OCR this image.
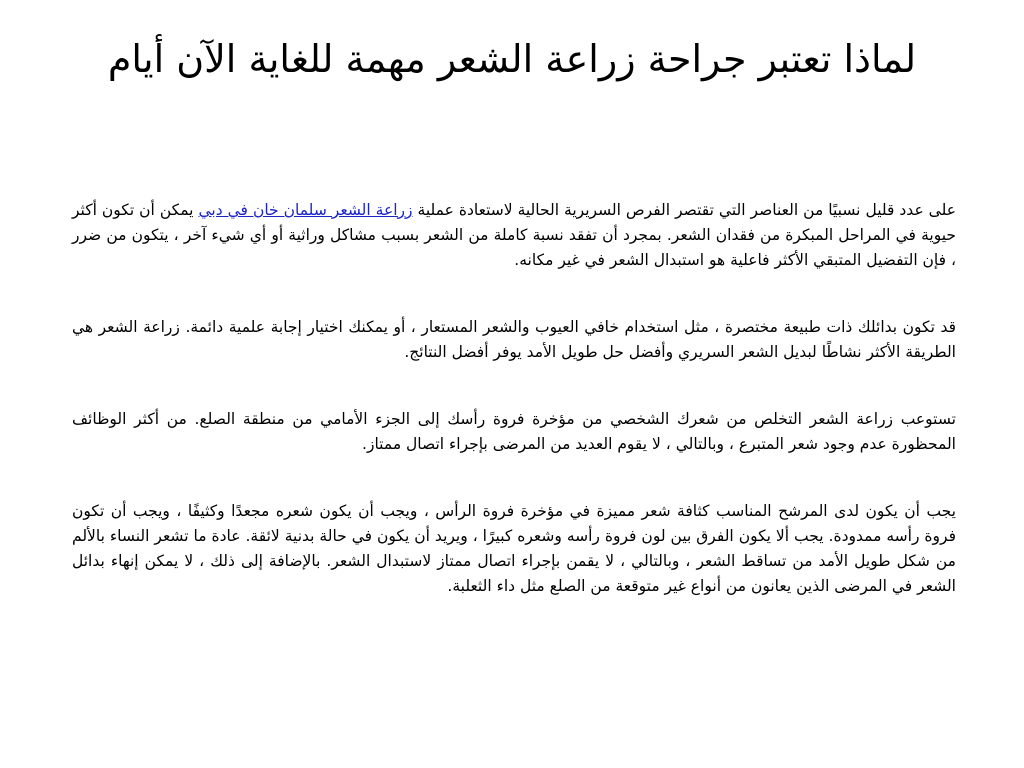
لماذا تعتبر جراحة زراعة الشعر مهمة للغاية الآن أيام

على عدد قليل نسبيًا من العناصر التي تقتصر الفرص السريرية الحالية لاستعادة عملية زراعة الشعر سلمان خان في دبي يمكن أن تكون أكثر حيوية في المراحل المبكرة من فقدان الشعر. بمجرد أن تفقد نسبة كاملة من الشعر بسبب مشاكل وراثية أو أي شيء آخر ، يتكون من ضرر ، فإن التفضيل المتبقي الأكثر فاعلية هو استبدال الشعر في غير مكانه.

قد تكون بدائلك ذات طبيعة مختصرة ، مثل استخدام خافي العيوب والشعر المستعار ، أو يمكنك اختيار إجابة علمية دائمة. زراعة الشعر هي الطريقة الأكثر نشاطًا لبديل الشعر السريري وأفضل حل طويل الأمد يوفر أفضل النتائج.

تستوعب زراعة الشعر التخلص من شعرك الشخصي من مؤخرة فروة رأسك إلى الجزء الأمامي من منطقة الصلع. من أكثر الوظائف المحظورة عدم وجود شعر المتبرع ، وبالتالي ، لا يقوم العديد من المرضى بإجراء اتصال ممتاز.

يجب أن يكون لدى المرشح المناسب كثافة شعر مميزة في مؤخرة فروة الرأس ، ويجب أن يكون شعره مجعدًا وكثيفًا ، ويجب أن تكون فروة رأسه ممدودة. يجب ألا يكون الفرق بين لون فروة رأسه وشعره كبيرًا ، ويريد أن يكون في حالة بدنية لائقة. عادة ما تشعر النساء بالألم من شكل طويل الأمد من تساقط الشعر ، وبالتالي ، لا يقمن بإجراء اتصال ممتاز لاستبدال الشعر. بالإضافة إلى ذلك ، لا يمكن إنهاء بدائل الشعر في المرضى الذين يعانون من أنواع غير متوقعة من الصلع مثل داء الثعلبة.
